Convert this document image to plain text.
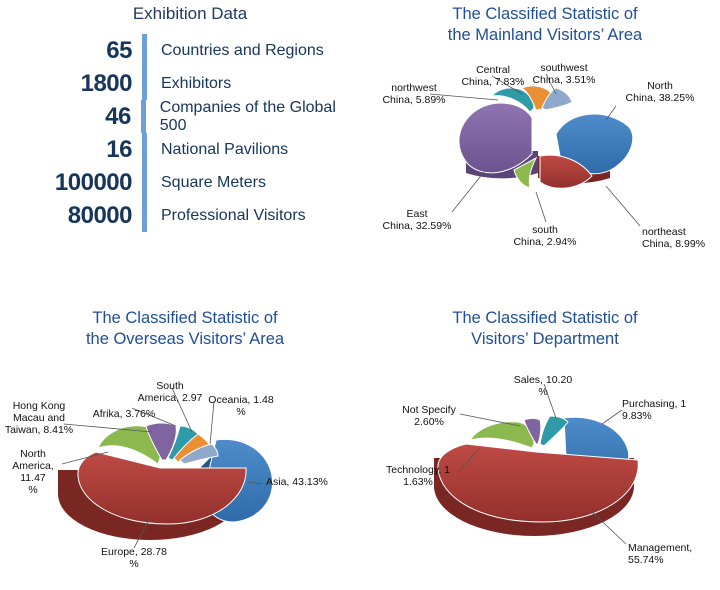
Exhibition Data
65	Countries and Regions
1800	Exhibitors
46	Companies of the Global 500
16	National Pavilions
100000	Square Meters
80000	Professional Visitors
The Classified Statistic of
the Mainland Visitors’ Area
North
China, 38.25%
northeast
China, 8.99%
south
China, 2.94%
East
China, 32.59%
northwest
China, 5.89%
Central
China, 7.83%
southwest
China, 3.51%
The Classified Statistic of
the Overseas Visitors’ Area
Asia, 43.13%
Europe, 28.78
%
North
America, 11.47
%
Hong Kong
Macau and
Taiwan, 8.41%
Afrika, 3.76%
South
America, 2.97 Oceania, 1.48
%
The Classified Statistic of
Visitors’ Department
Purchasing, 1
9.83%
Management,
55.74%
Technology, 1
1.63%
Not Specify
2.60%
Sales, 10.20
%
